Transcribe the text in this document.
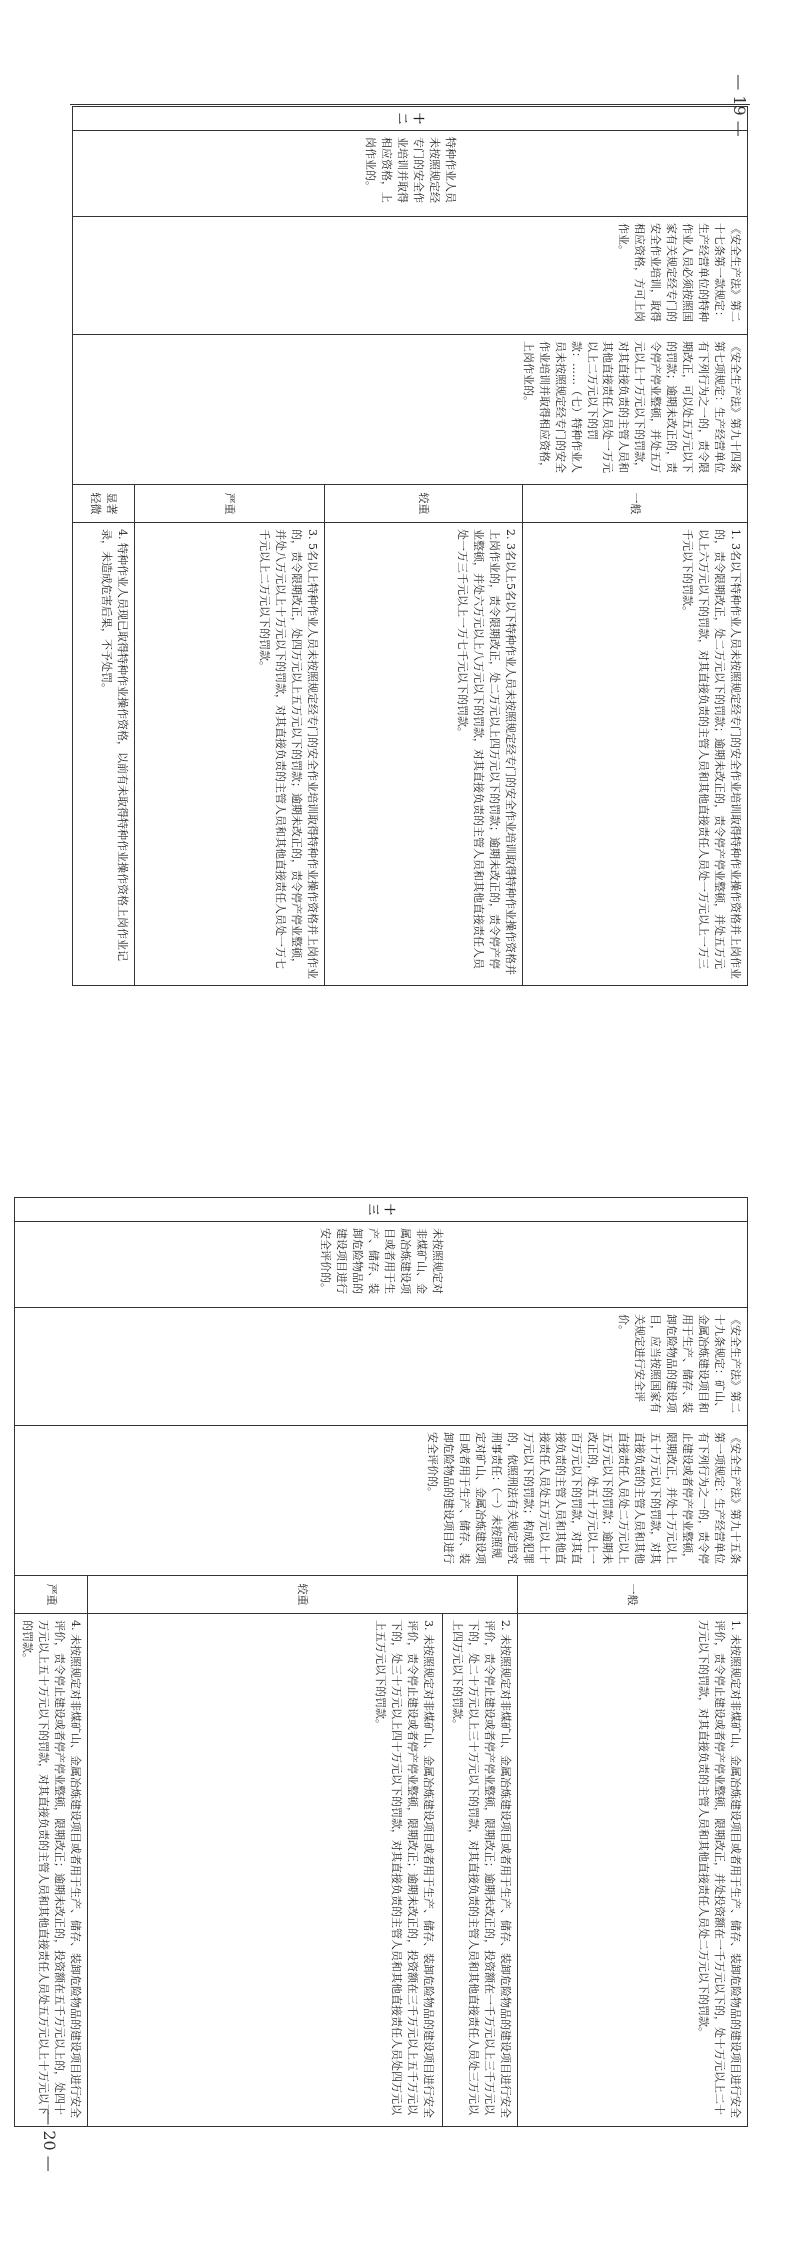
— 19 —
十二	特种作业人员未按照规定经专门的安全作业培训并取得相应资格，上岗作业的。	《安全生产法》第二十七条第一款规定：生产经营单位的特种作业人员必须按照国家有关规定经专门的安全作业培训，取得相应资格，方可上岗作业。	《安全生产法》第九十四条第七项规定：生产经营单位有下列行为之一的，责令限期改正，可以处五万元以下的罚款；逾期未改正的，责令停产停业整顿，并处五万元以上十万元以下的罚款，对其直接负责的主管人员和其他直接责任人员处一万元以上二万元以下的罚款：……（七）特种作业人员未按照规定经专门的安全作业培训并取得相应资格，上岗作业的。	一般	1. 3名以下特种作业人员未按照规定经专门的安全作业培训取得特种作业操作资格并上岗作业的，责令限期改正，处二万元以下的罚款；逾期未改正的，责令停产停业整顿，并处五万元以上六万元以下的罚款，对其直接负责的主管人员和其他直接责任人员处一万元以上一万三千元以下的罚款。
				较重	2. 3名以上5名以下特种作业人员未按照规定经专门的安全作业培训取得特种作业操作资格并上岗作业的，责令限期改正，处二万元以上四万元以下的罚款；逾期未改正的，责令停产停业整顿，并处六万元以上八万元以下的罚款，对其直接负责的主管人员和其他直接责任人员处一万三千元以上一万七千元以下的罚款。
				严重	3. 5名以上特种作业人员未按照规定经专门的安全作业培训取得特种作业操作资格并上岗作业的，责令限期改正，处四万元以上五万元以下的罚款；逾期未改正的，责令停产停业整顿，并处八万元以上十万元以下的罚款，对其直接负责的主管人员和其他直接责任人员处一万七千元以上二万元以下的罚款。
				显著轻微	4. 特种作业人员现已取得特种作业操作资格，以前有未取得特种作业操作资格上岗作业记录，未造成危害后果，不予处罚。
— 20 —
十三	未按照规定对非煤矿山、金属冶炼建设项目或者用于生产、储存、装卸危险物品的建设项目进行安全评价的。	《安全生产法》第二十九条规定：矿山、金属冶炼建设项目和用于生产、储存、装卸危险物品的建设项目，应当按照国家有关规定进行安全评价。	《安全生产法》第九十五条第一项规定：生产经营单位有下列行为之一的，责令停止建设或者停产停业整顿，限期改正，并处十万元以上五十万元以下的罚款，对其直接负责的主管人员和其他直接责任人员处二万元以上五万元以下的罚款；逾期未改正的，处五十万元以上一百万元以下的罚款，对其直接负责的主管人员和其他直接责任人员处五万元以上十万元以下的罚款；构成犯罪的，依照刑法有关规定追究刑事责任：（一）未按照规定对矿山、金属冶炼建设项目或者用于生产、储存、装卸危险物品的建设项目进行安全评价的。	一般	1. 未按照规定对非煤矿山、金属冶炼建设项目或者用于生产、储存、装卸危险物品的建设项目进行安全评价，责令停止建设或者停产停业整顿，限期改正，并处投资额在一千万元以下的，处十万元以上二十万元以下的罚款，对其直接负责的主管人员和其他直接责任人员处二万元以下的罚款。
				较重	2. 未按照规定对非煤矿山、金属冶炼建设项目或者用于生产、储存、装卸危险物品的建设项目进行安全评价，责令停止建设或者停产停业整顿，限期改正；逾期未改正的，投资额在一千万元以上三千万元以下的，处二十万元以上三十万元以下的罚款，对其直接负责的主管人员和其他直接责任人员处三万元以上四万元以下的罚款。
3. 未按照规定对非煤矿山、金属冶炼建设项目或者用于生产、储存、装卸危险物品的建设项目进行安全评价，责令停止建设或者停产停业整顿，限期改正；逾期未改正的，投资额在三千万元以上五千万元以下的，处三十万元以上四十万元以下的罚款，对其直接负责的主管人员和其他直接责任人员处四万元以上五万元以下的罚款。

				严重	4. 未按照规定对非煤矿山、金属冶炼建设项目或者用于生产、储存、装卸危险物品的建设项目进行安全评价，责令停止建设或者停产停业整顿，限期改正；逾期未改正的，投资额在五千万元以上的，处四十万元以上五十万元以下的罚款，对其直接负责的主管人员和其他直接责任人员处五万元以上十万元以下的罚款。
